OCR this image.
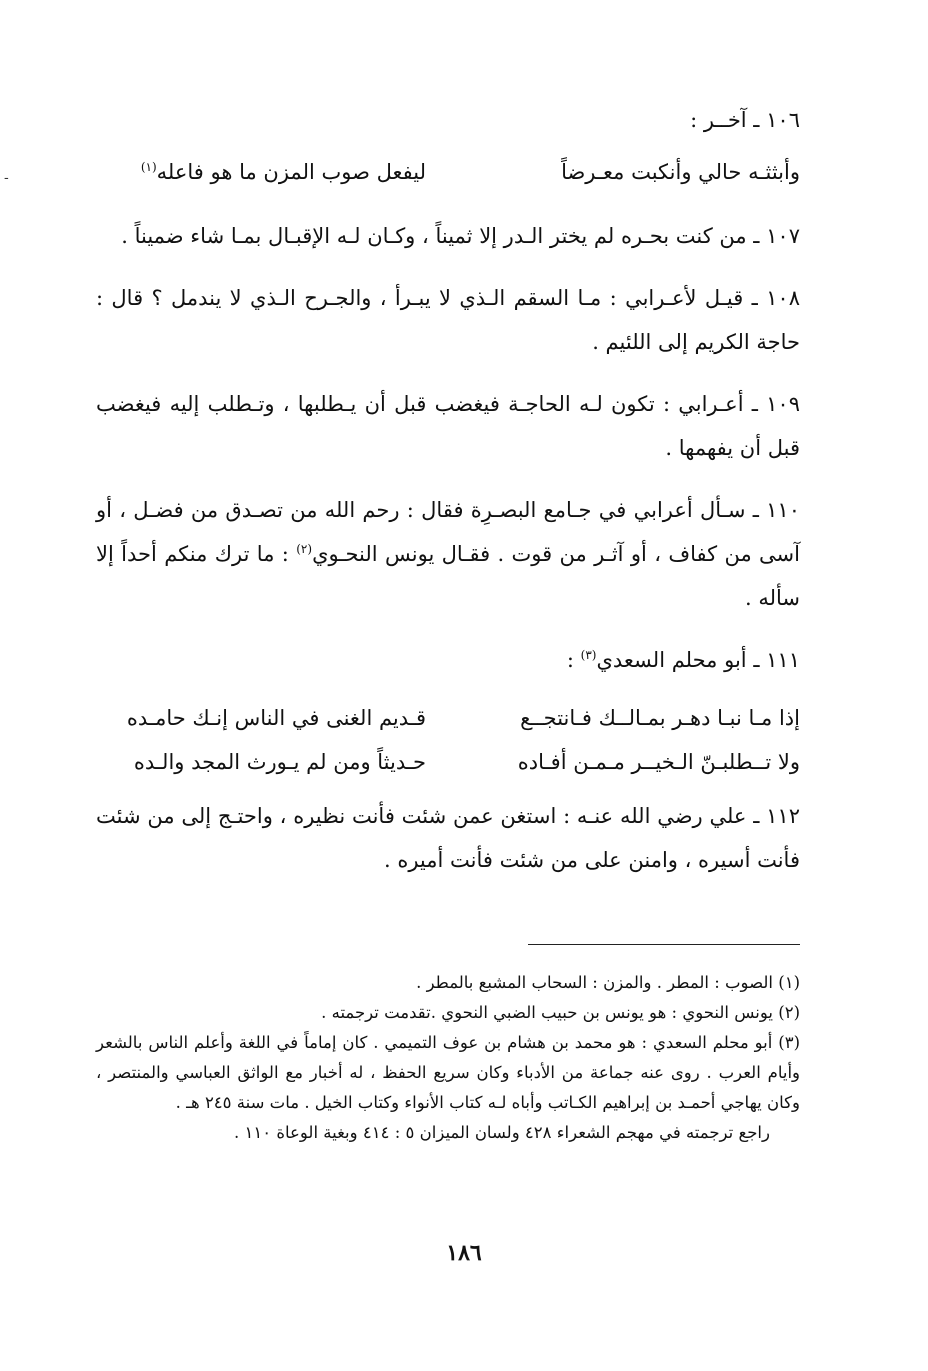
-

١٠٦ ـ آخــر :

وأبثثـه حالي وأنكبت معـرضاً
ليفعل صوب المزن ما هو فاعله$^{(١)}$

١٠٧ ـ من كنت بحـره لم يختر الـدر إلا ثميناً ، وكـان لـه الإقبـال بمـا شاء ضميناً .

١٠٨ ـ قيـل لأعـرابي : مـا السقم الـذي لا يبـرأ ، والجـرح الـذي لا يندمل ؟ قال : حاجة الكريم إلى اللئيم .

١٠٩ ـ أعـرابي : تكون لـه الحاجـة فيغضب قبل أن يـطلبها ، وتـطلب إليه فيغضب قبل أن يفهمها .

١١٠ ـ سـأل أعرابي في جـامع البصـرِة فقال : رحم الله من تصـدق من فضـل ، أو آسى من كفاف ، أو آثـر من قوت . فقـال يونس النحـوي$^{(٢)}$ : ما ترك منكم أحداً إلا سأله .

١١١ ـ أبو محلم السعدي$^{(٣)}$ :

إذا مـا نبـا دهـر بمـالــك فـانتجــع
قـديم الغنى في الناس إنـك حامـده
ولا تــطلبـنّ الـخيــر مـمـن أفـاده
حـديثاً ومن لم يـورث المجد والـده

١١٢ ـ علي رضي الله عنـه : استغن عمن شئت فأنت نظيره ، واحتـج إلى من شئت فأنت أسيره ، وامنن على من شئت فأنت أميره .

(١) الصوب : المطر . والمزن : السحاب المشبع بالمطر .

(٢) يونس النحوي : هو يونس بن حبيب الضبي النحوي .تقدمت ترجمته .

(٣) أبو محلم السعدي : هو محمد بن هشام بن عوف التميمي . كان إماماً في اللغة وأعلم الناس بالشعر وأيام العرب . روى عنه جماعة من الأدباء وكان سريع الحفظ ، له أخبار مع الواثق العباسي والمنتصر ، وكان يهاجي أحمـد بن إبراهيم الكـاتب وأباه لـه كتاب الأنواء وكتاب الخيل . مات سنة ٢٤٥ هـ .

راجع ترجمته في مهجم الشعراء ٤٢٨ ولسان الميزان ٥ : ٤١٤ وبغية الوعاة ١١٠ .

١٨٦
